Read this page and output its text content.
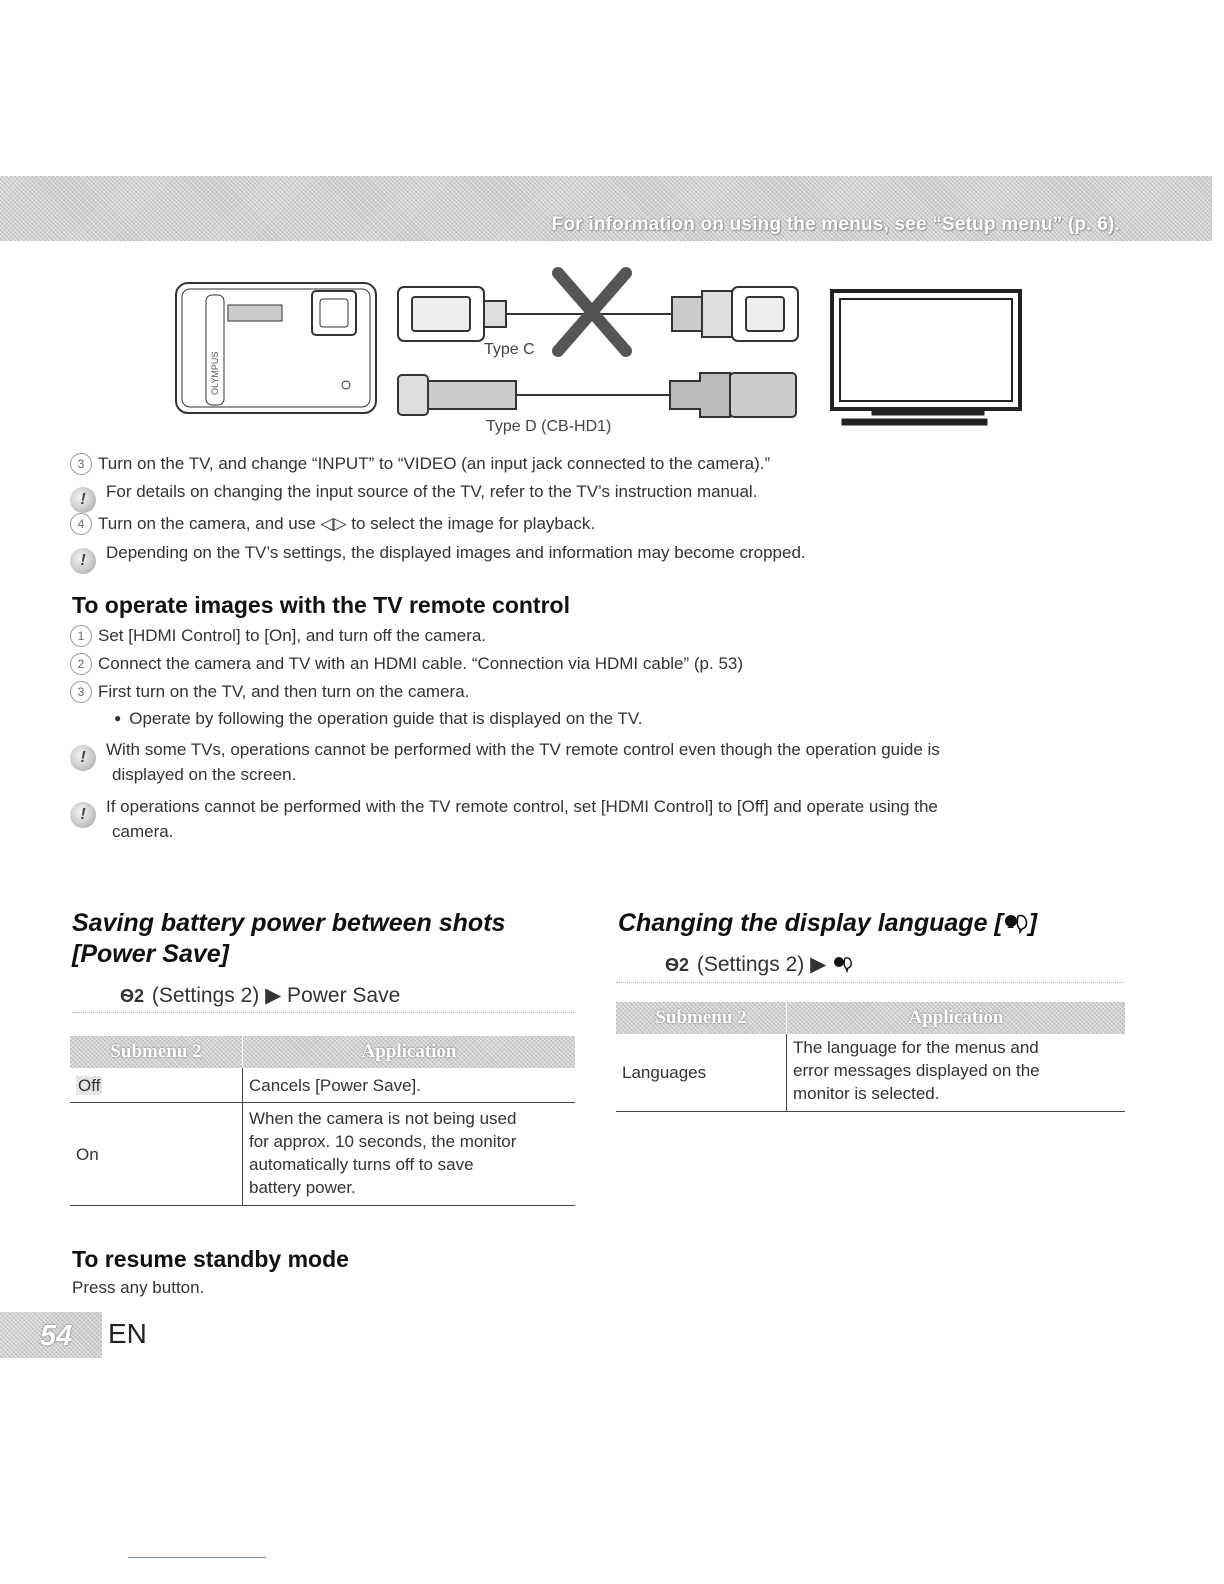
For information on using the menus, see “Setup menu” (p. 6).
OLYMPUS
Type C
Type D (CB-HD1)
3 Turn on the TV, and change “INPUT” to “VIDEO (an input jack connected to the camera).”
! For details on changing the input source of the TV, refer to the TV’s instruction manual.
4 Turn on the camera, and use ◁▷ to select the image for playback.
! Depending on the TV’s settings, the displayed images and information may become cropped.
To operate images with the TV remote control
1 Set [HDMI Control] to [On], and turn off the camera.
2 Connect the camera and TV with an HDMI cable. “Connection via HDMI cable” (p. 53)
3 First turn on the TV, and then turn on the camera.
● Operate by following the operation guide that is displayed on the TV.
! With some TVs, operations cannot be performed with the TV remote control even though the operation guide is
displayed on the screen.
! If operations cannot be performed with the TV remote control, set [HDMI Control] to [Off] and operate using the
camera.
Saving battery power between shots
[Power Save]
Ѳ2 (Settings 2) ▶ Power Save
Submenu 2	Application
Off	Cancels [Power Save].
On	When the camera is not being used
for approx. 10 seconds, the monitor
automatically turns off to save
battery power.
To resume standby mode
Press any button.
Changing the display language [ ]
Ѳ2 (Settings 2) ▶
Submenu 2	Application
Languages	The language for the menus and
error messages displayed on the
monitor is selected.
54 EN
